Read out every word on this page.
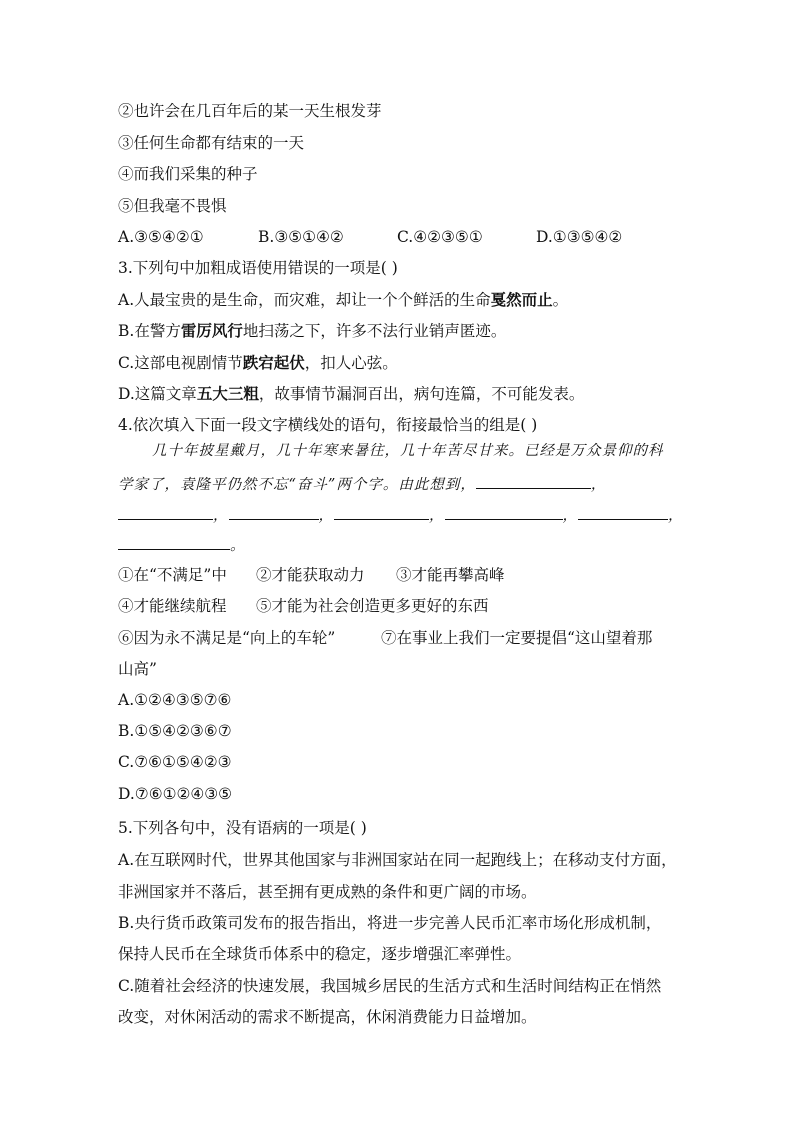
②也许会在几百年后的某一天生根发芽
③任何生命都有结束的一天
④而我们采集的种子
⑤但我毫不畏惧
A.③⑤④②①	B.③⑤①④②	C.④②③⑤①	D.①③⑤④②
3.下列句中加粗成语使用错误的一项是( )
A.人最宝贵的是生命，而灾难，却让一个个鲜活的生命戛然而止。
B.在警方雷厉风行地扫荡之下，许多不法行业销声匿迹。
C.这部电视剧情节跌宕起伏，扣人心弦。
D.这篇文章五大三粗，故事情节漏洞百出，病句连篇，不可能发表。
4.依次填入下面一段文字横线处的语句，衔接最恰当的组是( )
几十年披星戴月，几十年寒来暑往，几十年苦尽甘来。已经是万众景仰的科
学家了，袁隆平仍然不忘“奋斗”两个字。由此想到，	，
，	，	，	，	，
。
①在“不满足”中 ②才能获取动力 ③才能再攀高峰
④才能继续航程 ⑤才能为社会创造更多更好的东西
⑥因为永不满足是“向上的车轮”	⑦在事业上我们一定要提倡“这山望着那
山高”
A.①②④③⑤⑦⑥
B.①⑤④②③⑥⑦
C.⑦⑥①⑤④②③
D.⑦⑥①②④③⑤
5.下列各句中，没有语病的一项是( )
A.在互联网时代，世界其他国家与非洲国家站在同一起跑线上；在移动支付方面，
非洲国家并不落后，甚至拥有更成熟的条件和更广阔的市场。
B.央行货币政策司发布的报告指出，将进一步完善人民币汇率市场化形成机制，
保持人民币在全球货币体系中的稳定，逐步增强汇率弹性。
C.随着社会经济的快速发展，我国城乡居民的生活方式和生活时间结构正在悄然
改变，对休闲活动的需求不断提高，休闲消费能力日益增加。
